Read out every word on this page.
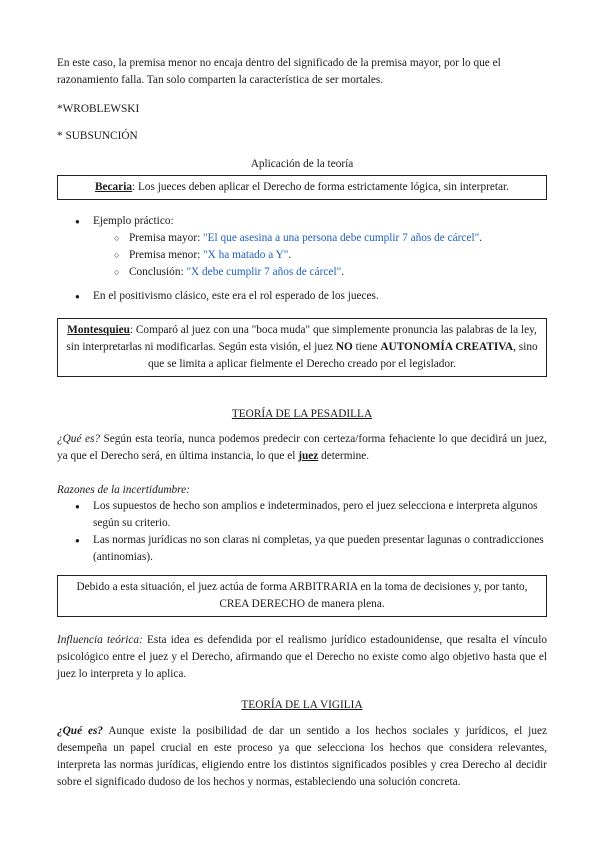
En este caso, la premisa menor no encaja dentro del significado de la premisa mayor, por lo que el razonamiento falla. Tan solo comparten la característica de ser mortales.

*WROBLEWSKI

* SUBSUNCIÓN

Aplicación de la teoría

Becaria: Los jueces deben aplicar el Derecho de forma estrictamente lógica, sin interpretar.
● Ejemplo práctico:
○ Premisa mayor: "El que asesina a una persona debe cumplir 7 años de cárcel".
○ Premisa menor: "X ha matado a Y".
○ Conclusión: "X debe cumplir 7 años de cárcel".
● En el positivismo clásico, este era el rol esperado de los jueces.
Montesquieu: Comparó al juez con una "boca muda" que simplemente pronuncia las palabras de la ley, sin interpretarlas ni modificarlas. Según esta visión, el juez NO tiene AUTONOMÍA CREATIVA, sino que se limita a aplicar fielmente el Derecho creado por el legislador.

TEORÍA DE LA PESADILLA

¿Qué es? Según esta teoría, nunca podemos predecir con certeza/forma fehaciente lo que decidirá un juez, ya que el Derecho será, en última instancia, lo que el juez determine.

Razones de la incertidumbre:

● Los supuestos de hecho son amplios e indeterminados, pero el juez selecciona e interpreta algunos según su criterio.
● Las normas jurídicas no son claras ni completas, ya que pueden presentar lagunas o contradicciones (antinomias).
Debido a esta situación, el juez actúa de forma ARBITRARIA en la toma de decisiones y, por tanto, CREA DERECHO de manera plena.

Influencia teórica: Esta idea es defendida por el realismo jurídico estadounidense, que resalta el vínculo psicológico entre el juez y el Derecho, afirmando que el Derecho no existe como algo objetivo hasta que el juez lo interpreta y lo aplica.

TEORÍA DE LA VIGILIA

¿Qué es? Aunque existe la posibilidad de dar un sentido a los hechos sociales y jurídicos, el juez desempeña un papel crucial en este proceso ya que selecciona los hechos que considera relevantes, interpreta las normas jurídicas, eligiendo entre los distintos significados posibles y crea Derecho al decidir sobre el significado dudoso de los hechos y normas, estableciendo una solución concreta.
